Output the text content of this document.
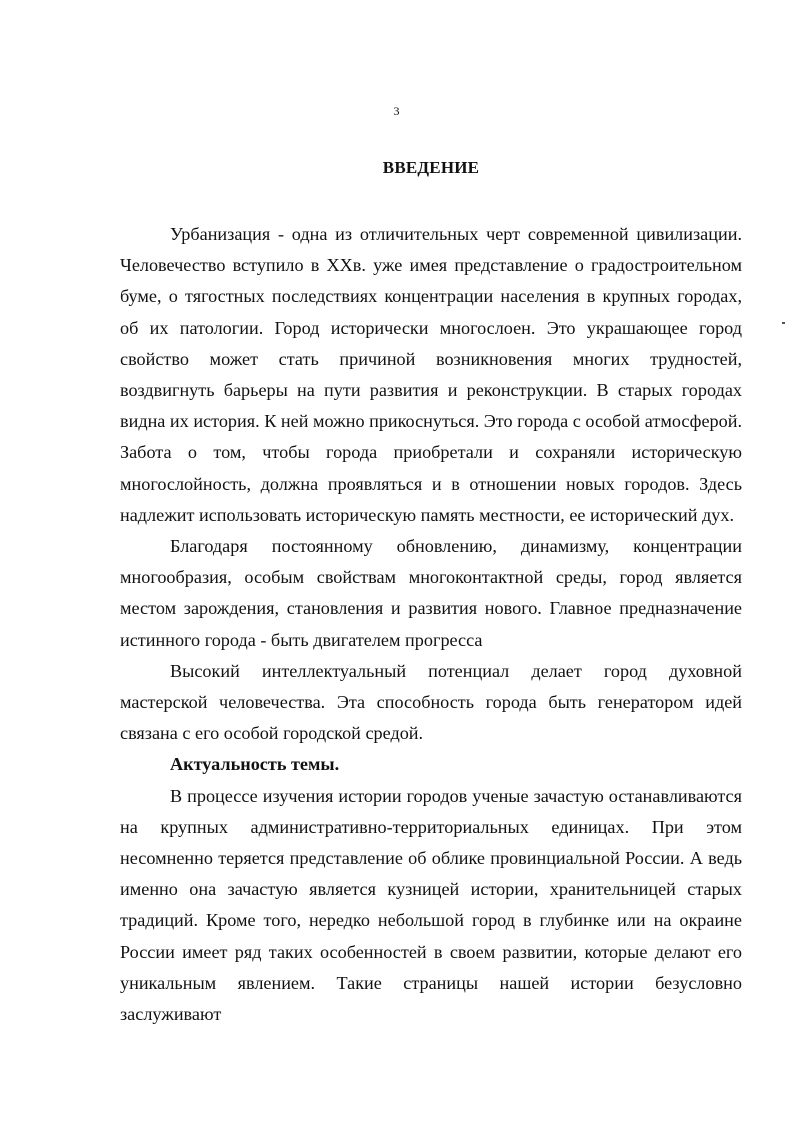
3
ВВЕДЕНИЕ

Урбанизация - одна из отличительных черт современной цивилизации. Человечество вступило в XXв. уже имея представление о градостроительном буме, о тягостных последствиях концентрации населения в крупных городах, об их патологии. Город исторически многослоен. Это украшающее город свойство может стать причиной возникновения многих трудностей, воздвигнуть барьеры на пути развития и реконструкции. В старых городах видна их история. К ней можно прикоснуться. Это города с особой атмосферой. Забота о том, чтобы города приобретали и сохраняли историческую многослойность, должна проявляться и в отношении новых городов. Здесь надлежит использовать историческую память местности, ее исторический дух.

Благодаря постоянному обновлению, динамизму, концентрации многообразия, особым свойствам многоконтактной среды, город является местом зарождения, становления и развития нового. Главное предназначение истинного города - быть двигателем прогресса

Высокий интеллектуальный потенциал делает город духовной мастерской человечества. Эта способность города быть генератором идей связана с его особой городской средой.

Актуальность темы.

В процессе изучения истории городов ученые зачастую останавливаются на крупных административно-территориальных единицах. При этом несомненно теряется представление об облике провинциальной России. А ведь именно она зачастую является кузницей истории, хранительницей старых традиций. Кроме того, нередко небольшой город в глубинке или на окраине России имеет ряд таких особенностей в своем развитии, которые делают его уникальным явлением. Такие страницы нашей истории безусловно заслуживают
